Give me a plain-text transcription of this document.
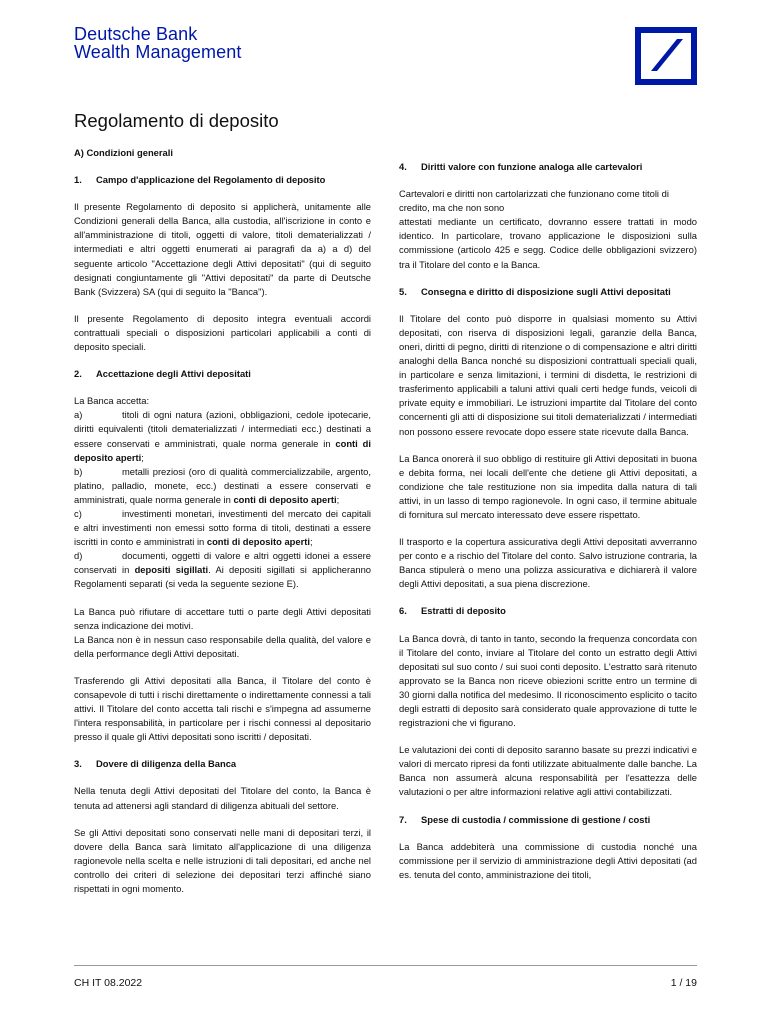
Deutsche Bank
Wealth Management
Regolamento di deposito

A) Condizioni generali

1. Campo d'applicazione del Regolamento di deposito

Il presente Regolamento di deposito si applicherà, unitamente alle Condizioni generali della Banca, alla custodia, all'iscrizione in conto e all'amministrazione di titoli, oggetti di valore, titoli dematerializzati / intermediati e altri oggetti enumerati ai paragrafi da a) a d) del seguente articolo "Accettazione degli Attivi depositati" (qui di seguito designati congiuntamente gli "Attivi depositati" da parte di Deutsche Bank (Svizzera) SA (qui di seguito la "Banca").

Il presente Regolamento di deposito integra eventuali accordi contrattuali speciali o disposizioni particolari applicabili a conti di deposito speciali.

2. Accettazione degli Attivi depositati

La Banca accetta:

a)	titoli di ogni natura (azioni, obbligazioni, cedole ipotecarie, diritti equivalenti (titoli dematerializzati / intermediati ecc.) destinati a essere conservati e amministrati, quale norma generale in conti di deposito aperti;

b)	metalli preziosi (oro di qualità commercializzabile, argento, platino, palladio, monete, ecc.) destinati a essere conservati e amministrati, quale norma generale in conti di deposito aperti;

c)	investimenti monetari, investimenti del mercato dei capitali e altri investimenti non emessi sotto forma di titoli, destinati a essere iscritti in conto e amministrati in conti di deposito aperti;

d)	documenti, oggetti di valore e altri oggetti idonei a essere conservati in depositi sigillati. Ai depositi sigillati si applicheranno Regolamenti separati (si veda la seguente sezione E).

La Banca può rifiutare di accettare tutti o parte degli Attivi depositati senza indicazione dei motivi.

La Banca non è in nessun caso responsabile della qualità, del valore e della performance degli Attivi depositati.

Trasferendo gli Attivi depositati alla Banca, il Titolare del conto è consapevole di tutti i rischi direttamente o indirettamente connessi a tali attivi. Il Titolare del conto accetta tali rischi e s'impegna ad assumerne l'intera responsabilità, in particolare per i rischi connessi al depositario presso il quale gli Attivi depositati sono iscritti / depositati.

3. Dovere di diligenza della Banca

Nella tenuta degli Attivi depositati del Titolare del conto, la Banca è tenuta ad attenersi agli standard di diligenza abituali del settore.

Se gli Attivi depositati sono conservati nelle mani di depositari terzi, il dovere della Banca sarà limitato all'applicazione di una diligenza ragionevole nella scelta e nelle istruzioni di tali depositari, ed anche nel controllo dei criteri di selezione dei depositari terzi affinché siano rispettati in ogni momento.

4. Diritti valore con funzione analoga alle cartevalori

Cartevalori e diritti non cartolarizzati che funzionano come titoli di credito, ma che non sono

attestati mediante un certificato, dovranno essere trattati in modo identico. In particolare, trovano applicazione le disposizioni sulla commissione (articolo 425 e segg. Codice delle obbligazioni svizzero) tra il Titolare del conto e la Banca.

5. Consegna e diritto di disposizione sugli Attivi depositati

Il Titolare del conto può disporre in qualsiasi momento su Attivi depositati, con riserva di disposizioni legali, garanzie della Banca, oneri, diritti di pegno, diritti di ritenzione o di compensazione e altri diritti analoghi della Banca nonché su disposizioni contrattuali speciali quali, in particolare e senza limitazioni, i termini di disdetta, le restrizioni di trasferimento applicabili a taluni attivi quali certi hedge funds, veicoli di private equity e immobiliari. Le istruzioni impartite dal Titolare del conto concernenti gli atti di disposizione sui titoli dematerializzati / intermediati non possono essere revocate dopo essere state ricevute dalla Banca.

La Banca onorerà il suo obbligo di restituire gli Attivi depositati in buona e debita forma, nei locali dell'ente che detiene gli Attivi depositati, a condizione che tale restituzione non sia impedita dalla natura di tali attivi, in un lasso di tempo ragionevole. In ogni caso, il termine abituale di fornitura sul mercato interessato deve essere rispettato.

Il trasporto e la copertura assicurativa degli Attivi depositati avverranno per conto e a rischio del Titolare del conto. Salvo istruzione contraria, la Banca stipulerà o meno una polizza assicurativa e dichiarerà il valore degli Attivi depositati, a sua piena discrezione.

6. Estratti di deposito

La Banca dovrà, di tanto in tanto, secondo la frequenza concordata con il Titolare del conto, inviare al Titolare del conto un estratto degli Attivi depositati sul suo conto / sui suoi conti deposito. L'estratto sarà ritenuto approvato se la Banca non riceve obiezioni scritte entro un termine di 30 giorni dalla notifica del medesimo. Il riconoscimento esplicito o tacito degli estratti di deposito sarà considerato quale approvazione di tutte le registrazioni che vi figurano.

Le valutazioni dei conti di deposito saranno basate su prezzi indicativi e valori di mercato ripresi da fonti utilizzate abitualmente dalle banche. La Banca non assumerà alcuna responsabilità per l'esattezza delle valutazioni o per altre informazioni relative agli attivi contabilizzati.

7. Spese di custodia / commissione di gestione / costi

La Banca addebiterà una commissione di custodia nonché una commissione per il servizio di amministrazione degli Attivi depositati (ad es. tenuta del conto, amministrazione dei titoli,

CH IT 08.2022	1 / 19
